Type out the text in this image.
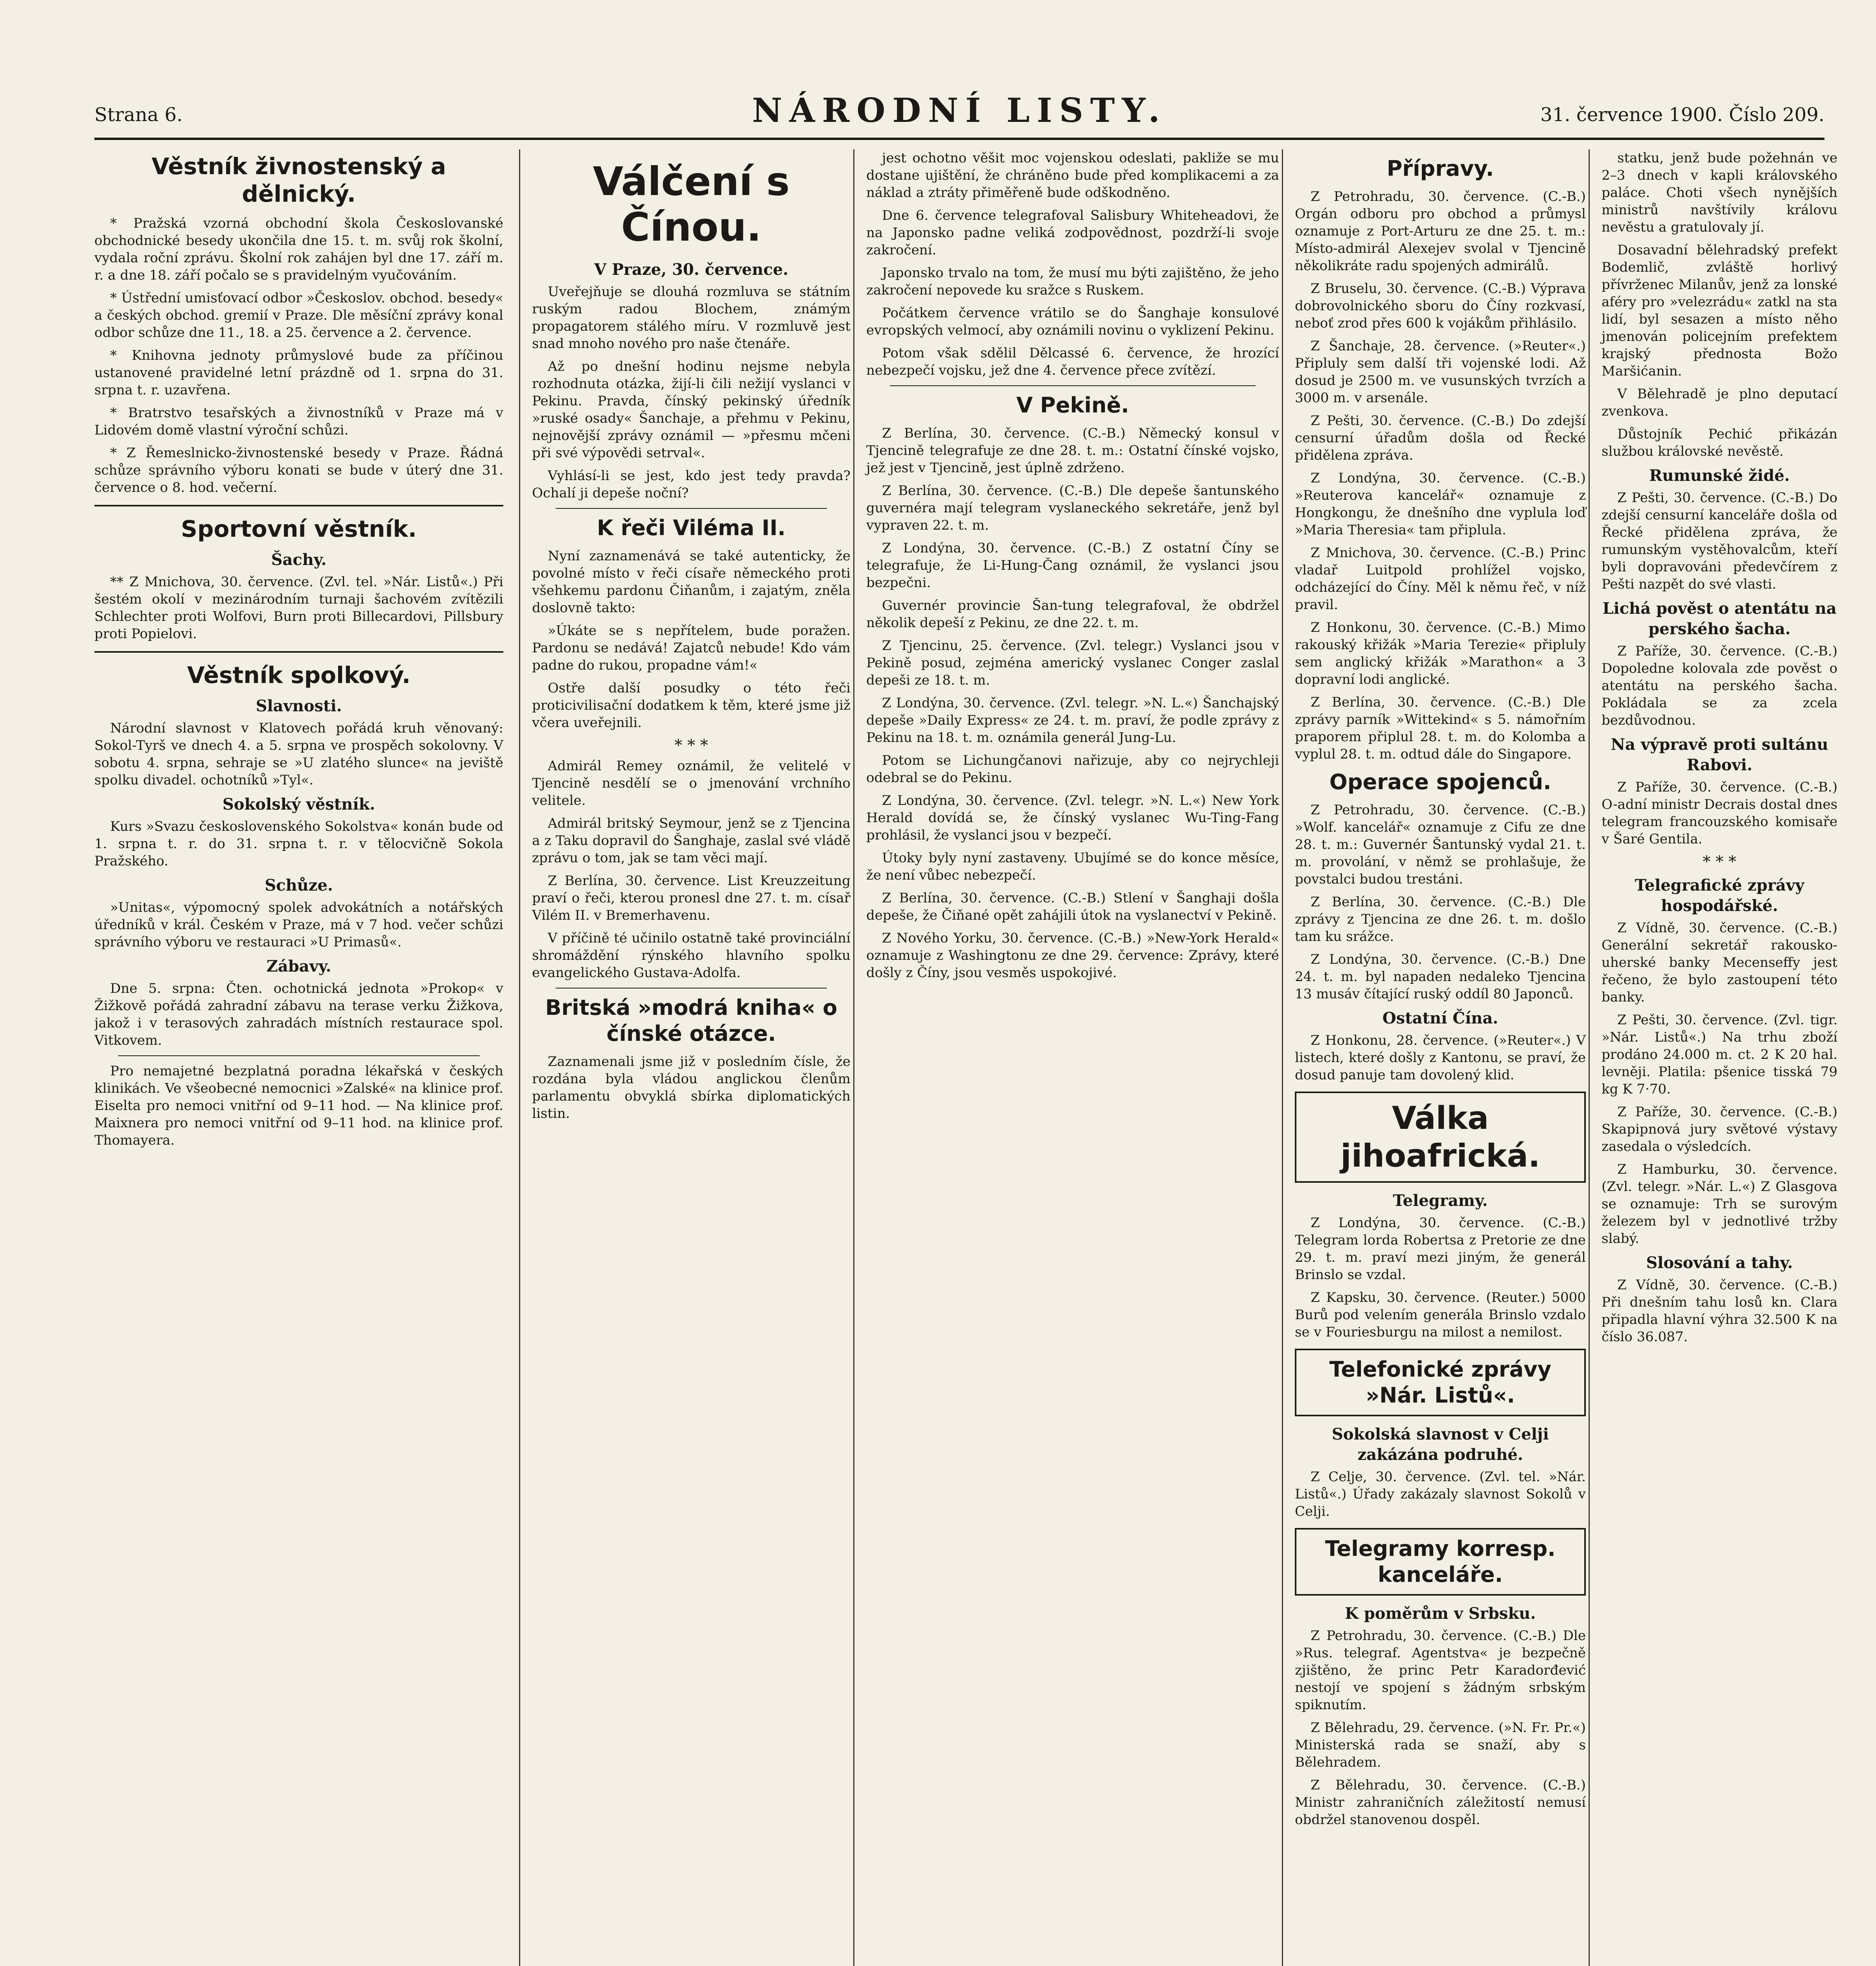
Strana 6.	NÁRODNÍ LISTY.	31. července 1900. Číslo 209.
Věstník živnostenský a dělnický.

* Pražská vzorná obchodní škola Českoslovanské obchodnické besedy ukončila dne 15. t. m. svůj rok školní, vydala roční zprávu. Školní rok zahájen byl dne 17. září m. r. a dne 18. září počalo se s pravidelným vyučováním.

* Ústřední umisťovací odbor »Českoslov. obchod. besedy« a českých obchod. gremií v Praze. Dle měsíční zprávy konal odbor schůze dne 11., 18. a 25. července a 2. července.

* Knihovna jednoty průmyslové bude za příčinou ustanovené pravidelné letní prázdně od 1. srpna do 31. srpna t. r. uzavřena.

* Bratrstvo tesařských a živnostníků v Praze má v Lidovém domě vlastní výroční schůzi.

* Z Řemeslnicko-živnostenské besedy v Praze. Řádná schůze správního výboru konati se bude v úterý dne 31. července o 8. hod. večerní.

Sportovní věstník.
Šachy.

** Z Mnichova, 30. července. (Zvl. tel. »Nár. Listů«.) Při šestém okolí v mezinárodním turnaji šachovém zvítězili Schlechter proti Wolfovi, Burn proti Billecardovi, Pillsbury proti Popielovi.

Věstník spolkový.
Slavnosti.

Národní slavnost v Klatovech pořádá kruh věnovaný: Sokol-Tyrš ve dnech 4. a 5. srpna ve prospěch sokolovny. V sobotu 4. srpna, sehraje se »U zlatého slunce« na jeviště spolku divadel. ochotníků »Tyl«.

Sokolský věstník.

Kurs »Svazu československého Sokolstva« konán bude od 1. srpna t. r. do 31. srpna t. r. v tělocvičně Sokola Pražského.

Schůze.

»Unitas«, výpomocný spolek advokátních a notářských úředníků v král. Českém v Praze, má v 7 hod. večer schůzi správního výboru ve restauraci »U Primasů«.

Zábavy.

Dne 5. srpna: Čten. ochotnická jednota »Prokop« v Žižkově pořádá zahradní zábavu na terase verku Žižkova, jakož i v terasových zahradách místních restaurace spol. Vitkovem.

Pro nemajetné bezplatná poradna lékařská v českých klinikách. Ve všeobecné nemocnici »Zalské« na klinice prof. Eiselta pro nemoci vnitřní od 9–11 hod. — Na klinice prof. Maixnera pro nemoci vnitřní od 9–11 hod. na klinice prof. Thomayera.

Válčení s Čínou.
V Praze, 30. července.

Uveřejňuje se dlouhá rozmluva se státním ruským radou Blochem, známým propagatorem stálého míru. V rozmluvě jest snad mnoho nového pro naše čtenáře.

Až po dnešní hodinu nejsme nebyla rozhodnuta otázka, žijí-li čili nežijí vyslanci v Pekinu. Pravda, čínský pekinský úředník »ruské osady« Šanchaje, a přehmu v Pekinu, nejnovější zprávy oznámil — »přesmu mčeni při své výpovědi setrval«.

Vyhlásí-li se jest, kdo jest tedy pravda? Ochalí ji depeše noční?

K řeči Viléma II.

Nyní zaznamenává se také autenticky, že povolné místo v řeči císaře německého proti všehkemu pardonu Čiňanům, i zajatým, zněla doslovně takto:

»Úkáte se s nepřítelem, bude poražen. Pardonu se nedává! Zajatců nebude! Kdo vám padne do rukou, propadne vám!«

Ostře další posudky o této řeči proticivilisační dodatkem k těm, které jsme již včera uveřejnili.

* * *

Admirál Remey oznámil, že velitelé v Tjencině nesdělí se o jmenování vrchního velitele.

Admirál britský Seymour, jenž se z Tjencina a z Taku dopravil do Šanghaje, zaslal své vládě zprávu o tom, jak se tam věci mají.

Z Berlína, 30. července. List Kreuzzeitung praví o řeči, kterou pronesl dne 27. t. m. císař Vilém II. v Bremerhavenu.

V příčině té učinilo ostatně také provinciální shromáždění rýnského hlavního spolku evangelického Gustava-Adolfa.

Britská »modrá kniha« o čínské otázce.

Zaznamenali jsme již v posledním čísle, že rozdána byla vládou anglickou členům parlamentu obvyklá sbírka diplomatických listin.

jest ochotno věšit moc vojenskou odeslati, pakliže se mu dostane ujištění, že chráněno bude před komplikacemi a za náklad a ztráty přiměřeně bude odškodněno.

Dne 6. července telegrafoval Salisbury Whiteheadovi, že na Japonsko padne veliká zodpovědnost, pozdrží-li svoje zakročení.

Japonsko trvalo na tom, že musí mu býti zajištěno, že jeho zakročení nepovede ku sražce s Ruskem.

Počátkem července vrátilo se do Šanghaje konsulové evropských velmocí, aby oznámili novinu o vyklizení Pekinu.

Potom však sdělil Dělcassé 6. července, že hrozící nebezpečí vojsku, jež dne 4. července přece zvítězí.

V Pekině.

Z Berlína, 30. července. (C.-B.) Německý konsul v Tjencině telegrafuje ze dne 28. t. m.: Ostatní čínské vojsko, jež jest v Tjencině, jest úplně zdrženo.

Z Berlína, 30. července. (C.-B.) Dle depeše šantunského guvernéra mají telegram vyslaneckého sekretáře, jenž byl vypraven 22. t. m.

Z Londýna, 30. července. (C.-B.) Z ostatní Číny se telegrafuje, že Li-Hung-Čang oznámil, že vyslanci jsou bezpečni.

Guvernér provincie Šan-tung telegrafoval, že obdržel několik depeší z Pekinu, ze dne 22. t. m.

Z Tjencinu, 25. července. (Zvl. telegr.) Vyslanci jsou v Pekině posud, zejména americký vyslanec Conger zaslal depeši ze 18. t. m.

Z Londýna, 30. července. (Zvl. telegr. »N. L.«) Šanchajský depeše »Daily Express« ze 24. t. m. praví, že podle zprávy z Pekinu na 18. t. m. oznámila generál Jung-Lu.

Potom se Lichungčanovi nařizuje, aby co nejrychleji odebral se do Pekinu.

Z Londýna, 30. července. (Zvl. telegr. »N. L.«) New York Herald dovídá se, že čínský vyslanec Wu-Ting-Fang prohlásil, že vyslanci jsou v bezpečí.

Útoky byly nyní zastaveny. Ubujímé se do konce měsíce, že není vůbec nebezpečí.

Z Berlína, 30. července. (C.-B.) Stlení v Šanghaji došla depeše, že Čiňané opět zahájili útok na vyslanectví v Pekině.

Z Nového Yorku, 30. července. (C.-B.) »New-York Herald« oznamuje z Washingtonu ze dne 29. července: Zprávy, které došly z Číny, jsou vesměs uspokojivé.

Přípravy.

Z Petrohradu, 30. července. (C.-B.) Orgán odboru pro obchod a průmysl oznamuje z Port-Arturu ze dne 25. t. m.: Místo-admirál Alexejev svolal v Tjencině několikráte radu spojených admirálů.

Z Bruselu, 30. července. (C.-B.) Výprava dobrovolnického sboru do Číny rozkvasí, neboť zrod přes 600 k vojákům přihlásilo.

Z Šanchaje, 28. července. (»Reuter«.) Připluly sem další tři vojenské lodi. Až dosud je 2500 m. ve vusunských tvrzích a 3000 m. v arsenále.

Z Pešti, 30. července. (C.-B.) Do zdejší censurní úřadům došla od Řecké přidělena zpráva.

Z Londýna, 30. července. (C.-B.) »Reuterova kancelář« oznamuje z Hongkongu, že dnešního dne vyplula loď »Maria Theresia« tam připlula.

Z Mnichova, 30. července. (C.-B.) Princ vladař Luitpold prohlížel vojsko, odcházející do Číny. Měl k němu řeč, v níž pravil.

Z Honkonu, 30. července. (C.-B.) Mimo rakouský křižák »Maria Terezie« připluly sem anglický křižák »Marathon« a 3 dopravní lodi anglické.

Z Berlína, 30. července. (C.-B.) Dle zprávy parník »Wittekind« s 5. námořním praporem připlul 28. t. m. do Kolomba a vyplul 28. t. m. odtud dále do Singapore.

Operace spojenců.

Z Petrohradu, 30. července. (C.-B.) »Wolf. kancelář« oznamuje z Cifu ze dne 28. t. m.: Guvernér Šantunský vydal 21. t. m. provolání, v němž se prohlašuje, že povstalci budou trestáni.

Z Berlína, 30. července. (C.-B.) Dle zprávy z Tjencina ze dne 26. t. m. došlo tam ku srážce.

Z Londýna, 30. července. (C.-B.) Dne 24. t. m. byl napaden nedaleko Tjencina 13 musáv čítající ruský oddíl 80 Japonců.

Ostatní Čína.

Z Honkonu, 28. července. (»Reuter«.) V listech, které došly z Kantonu, se praví, že dosud panuje tam dovolený klid.

Válka jihoafrická.
Telegramy.

Z Londýna, 30. července. (C.-B.) Telegram lorda Robertsa z Pretorie ze dne 29. t. m. praví mezi jiným, že generál Brinslo se vzdal.

Z Kapsku, 30. července. (Reuter.) 5000 Burů pod velením generála Brinslo vzdalo se v Fouriesburgu na milost a nemilost.

Telefonické zprávy »Nár. Listů«.
Sokolská slavnost v Celji zakázána podruhé.

Z Celje, 30. července. (Zvl. tel. »Nár. Listů«.) Úřady zakázaly slavnost Sokolů v Celji.

Telegramy korresp. kanceláře.
K poměrům v Srbsku.

Z Petrohradu, 30. července. (C.-B.) Dle »Rus. telegraf. Agentstva« je bezpečně zjištěno, že princ Petr Karadorđević nestojí ve spojení s žádným srbským spiknutím.

Z Bělehradu, 29. července. (»N. Fr. Pr.«) Ministerská rada se snaží, aby s Bělehradem.

Z Bělehradu, 30. července. (C.-B.) Ministr zahraničních záležitostí nemusí obdržel stanovenou dospěl.

statku, jenž bude požehnán ve 2–3 dnech v kapli královského paláce. Choti všech nynějších ministrů navštívily královu nevěstu a gratulovaly jí.

Dosavadní bělehradský prefekt Bodemlič, zvláště horlivý přívrženec Milanův, jenž za lonské aféry pro »velezrádu« zatkl na sta lidí, byl sesazen a místo něho jmenován policejním prefektem krajský přednosta Božo Maršićanin.

V Bělehradě je plno deputací zvenkova.

Důstojník Pechić přikázán službou královské nevěstě.

Rumunské židé.

Z Pešti, 30. července. (C.-B.) Do zdejší censurní kanceláře došla od Řecké přidělena zpráva, že rumunským vystěhovalcům, kteří byli dopravováni předevčírem z Pešti nazpět do své vlasti.

Lichá pověst o atentátu na perského šacha.

Z Paříže, 30. července. (C.-B.) Dopoledne kolovala zde pověst o atentátu na perského šacha. Pokládala se za zcela bezdůvodnou.

Na výpravě proti sultánu Rabovi.

Z Paříže, 30. července. (C.-B.) O-adní ministr Decrais dostal dnes telegram francouzského komisaře v Šaré Gentila.

* * *
Telegrafické zprávy hospodářské.

Z Vídně, 30. července. (C.-B.) Generální sekretář rakousko-uherské banky Mecenseffy jest řečeno, že bylo zastoupení této banky.

Z Pešti, 30. července. (Zvl. tigr. »Nár. Listů«.) Na trhu zboží prodáno 24.000 m. ct. 2 K 20 hal. levněji. Platila: pšenice tisská 79 kg K 7·70.

Z Paříže, 30. července. (C.-B.) Skapipnová jury světové výstavy zasedala o výsledcích.

Z Hamburku, 30. července. (Zvl. telegr. »Nár. L.«) Z Glasgova se oznamuje: Trh se surovým železem byl v jednotlivé tržby slabý.

Slosování a tahy.

Z Vídně, 30. července. (C.-B.) Při dnešním tahu losů kn. Clara připadla hlavní výhra 32.500 K na číslo 36.087.
